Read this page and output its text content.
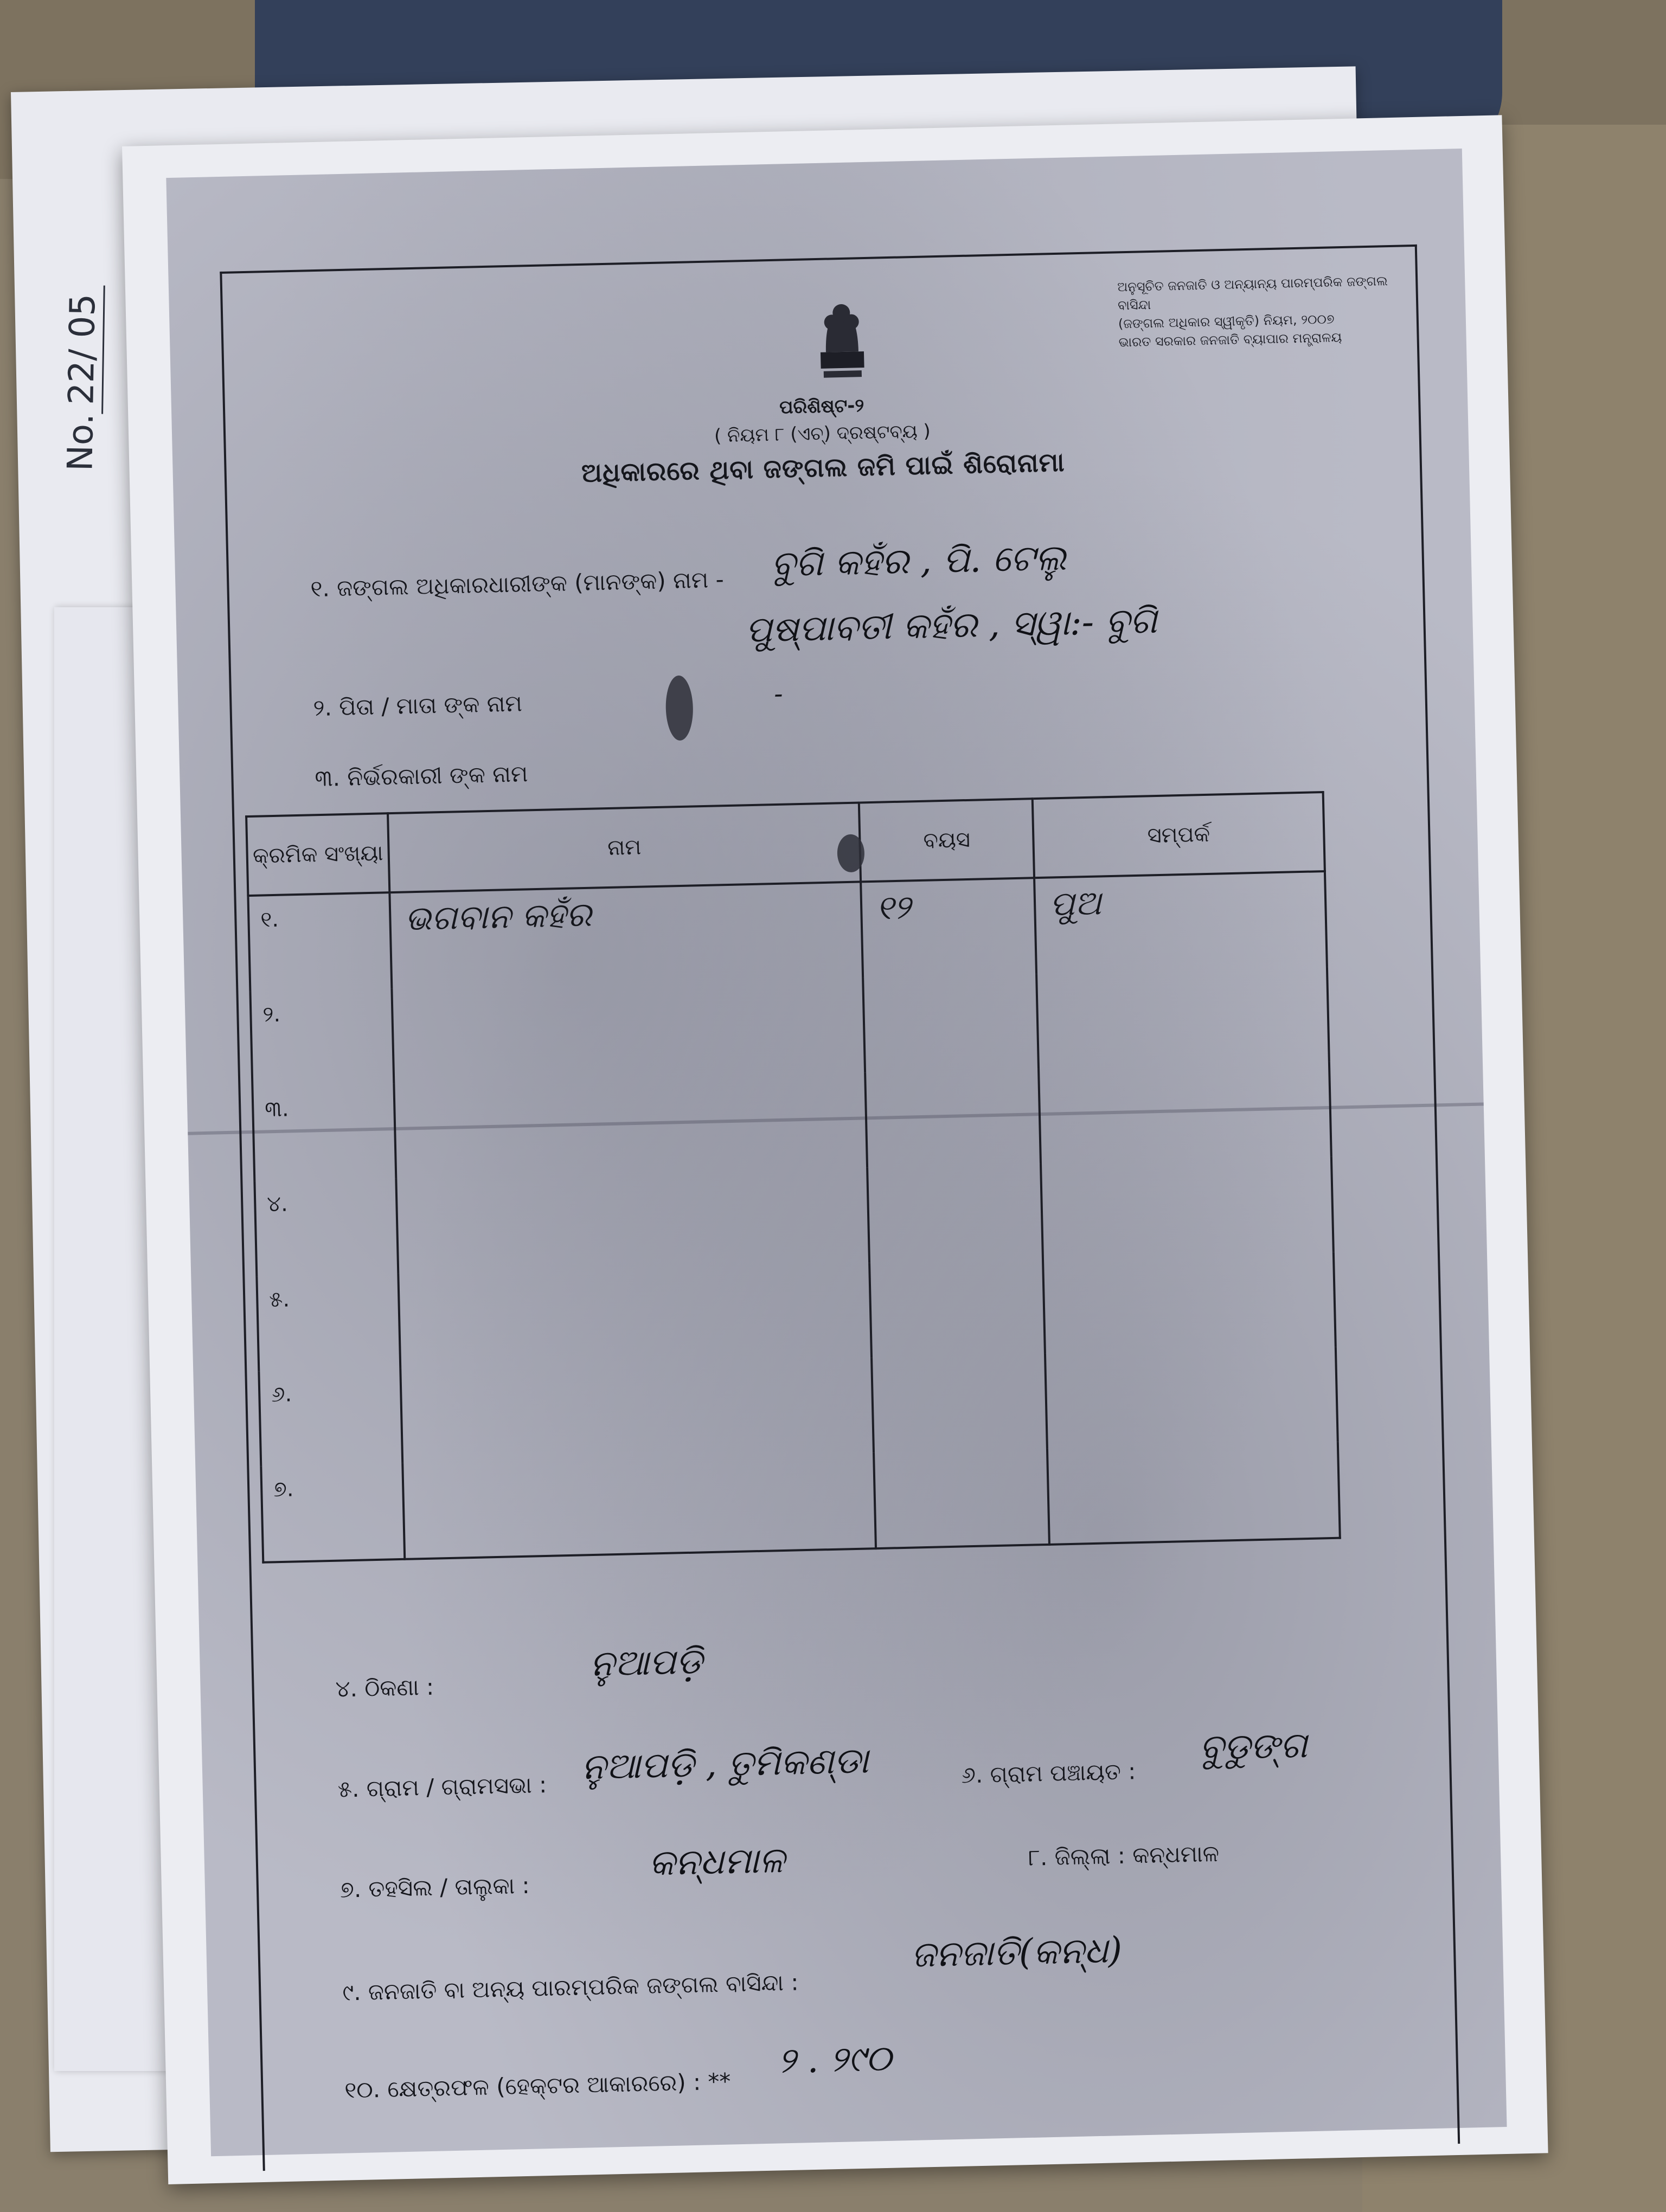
No.22/ 05
ଅନୁସୂଚିତ ଜନଜାତି ଓ ଅନ୍ୟାନ୍ୟ ପାରମ୍ପରିକ ଜଙ୍ଗଲ ବାସିନ୍ଦା
(ଜଙ୍ଗଲ ଅଧିକାର ସ୍ୱୀକୃତି) ନିୟମ, ୨୦୦୭
ଭାରତ ସରକାର ଜନଜାତି ବ୍ୟାପାର ମନ୍ତ୍ରାଳୟ
ପରିଶିଷ୍ଟ-୨
( ନିୟମ ୮ (ଏଚ୍) ଦ୍ରଷ୍ଟବ୍ୟ )
ଅଧିକାରରେ ଥିବା ଜଙ୍ଗଲ ଜମି ପାଇଁ ଶିରୋନାମା
୧. ଜଙ୍ଗଲ ଅଧିକାରଧାରୀଙ୍କ (ମାନଙ୍କ) ନାମ - ବୁଗି କହଁର , ପି. ଟେଲୁ
ପୁଷ୍ପାବତୀ କହଁର , ସ୍ୱା:- ବୁଗି
୨. ପିତା / ମାତା ଙ୍କ ନାମ	-
୩. ନିର୍ଭରକାରୀ ଙ୍କ ନାମ
କ୍ରମିକ ସଂଖ୍ୟା	ନାମ	ବୟସ	ସମ୍ପର୍କ
୧.	ଭଗବାନ କହଁର	୧୨	ପୁଅ
୨.			
୩.			
୪.			
୫.			
୬.			
୭.			
୪. ଠିକଣା :
ନୁଆପଡ଼ି
୫. ଗ୍ରାମ / ଗ୍ରାମସଭା : ନୁଆପଡ଼ି , ତୁମିକଣ୍ଡା	୬. ଗ୍ରାମ ପଞ୍ଚାୟତ :
ବୁଡୁଙ୍ଗ
୭. ତହସିଲ / ତାଲୁକା :
କନ୍ଧମାଳ	୮. ଜିଲ୍ଲା : କନ୍ଧମାଳ
୯. ଜନଜାତି ବା ଅନ୍ୟ ପାରମ୍ପରିକ ଜଙ୍ଗଲ ବାସିନ୍ଦା :
ଜନଜାତି(କନ୍ଧ)
୧୦. କ୍ଷେତ୍ରଫଳ (ହେକ୍ଟର ଆକାରରେ) : **
୨ . ୨୯୦
